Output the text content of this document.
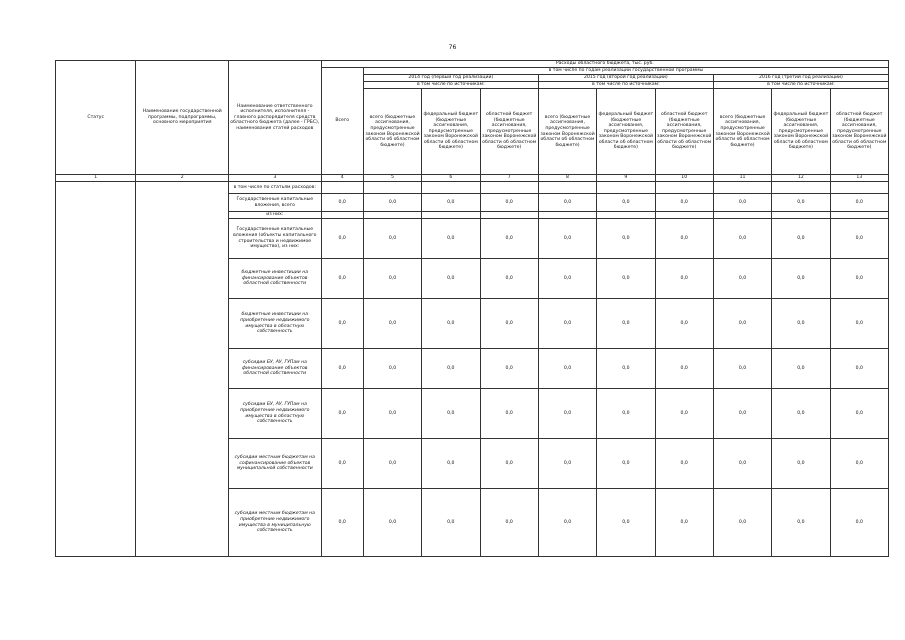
76
Статус	Наименование государственной программы, подпрограммы, основного мероприятия	Наименование ответственного исполнителя, исполнителя - главного распорядителя средств областного бюджета (далее - ГРБС), наименования статей расходов	Расходы областного бюджета, тыс. руб.									
			Всего	в том числе по годам реализации государственной программы								
				2014 год (первый год реализации)			2015 год (второй год реализации)			2016 год (третий год реализации)		
				в том числе по источникам:			в том числе по источникам:			в том числе по источникам:		
				всего (бюджетные ассигнования, предусмотренные законом Воронежской области об областном бюджете)	федеральный бюджет (бюджетные ассигнования, предусмотренные законом Воронежской области об областном бюджете)	областной бюджет (бюджетные ассигнования, предусмотренные законом Воронежской области об областном бюджете)	всего (бюджетные ассигнования, предусмотренные законом Воронежской области об областном бюджете)	федеральный бюджет (бюджетные ассигнования, предусмотренные законом Воронежской области об областном бюджете)	областной бюджет (бюджетные ассигнования, предусмотренные законом Воронежской области об областном бюджете)	всего (бюджетные ассигнования, предусмотренные законом Воронежской области об областном бюджете)	федеральный бюджет (бюджетные ассигнования, предусмотренные законом Воронежской области об областном бюджете)	областной бюджет (бюджетные ассигнования, предусмотренные законом Воронежской области об областном бюджете)
1	2	3	4	5	6	7	8	9	10	11	12	13
		в том числе по статьям расходов:										
		Государственные капитальные вложения, всего	0,0	0,0	0,0	0,0	0,0	0,0	0,0	0,0	0,0	0,0
		из них:										
		Государственные капитальные вложения (объекты капитального строительства и недвижимое имущество), из них:	0,0	0,0	0,0	0,0	0,0	0,0	0,0	0,0	0,0	0,0
		бюджетные инвестиции на финансирование объектов областной собственности	0,0	0,0	0,0	0,0	0,0	0,0	0,0	0,0	0,0	0,0
		бюджетные инвестиции на приобретение недвижимого имущества в областную собственность	0,0	0,0	0,0	0,0	0,0	0,0	0,0	0,0	0,0	0,0
		субсидии БУ, АУ, ГУПам на финансирование объектов областной собственности	0,0	0,0	0,0	0,0	0,0	0,0	0,0	0,0	0,0	0,0
		субсидии БУ, АУ, ГУПам на приобретение недвижимого имущества в областную собственность	0,0	0,0	0,0	0,0	0,0	0,0	0,0	0,0	0,0	0,0
		субсидии местным бюджетам на софинансирование объектов муниципальной собственности	0,0	0,0	0,0	0,0	0,0	0,0	0,0	0,0	0,0	0,0
		субсидии местным бюджетам на приобретение недвижимого имущества в муниципальную собственность	0,0	0,0	0,0	0,0	0,0	0,0	0,0	0,0	0,0	0,0
